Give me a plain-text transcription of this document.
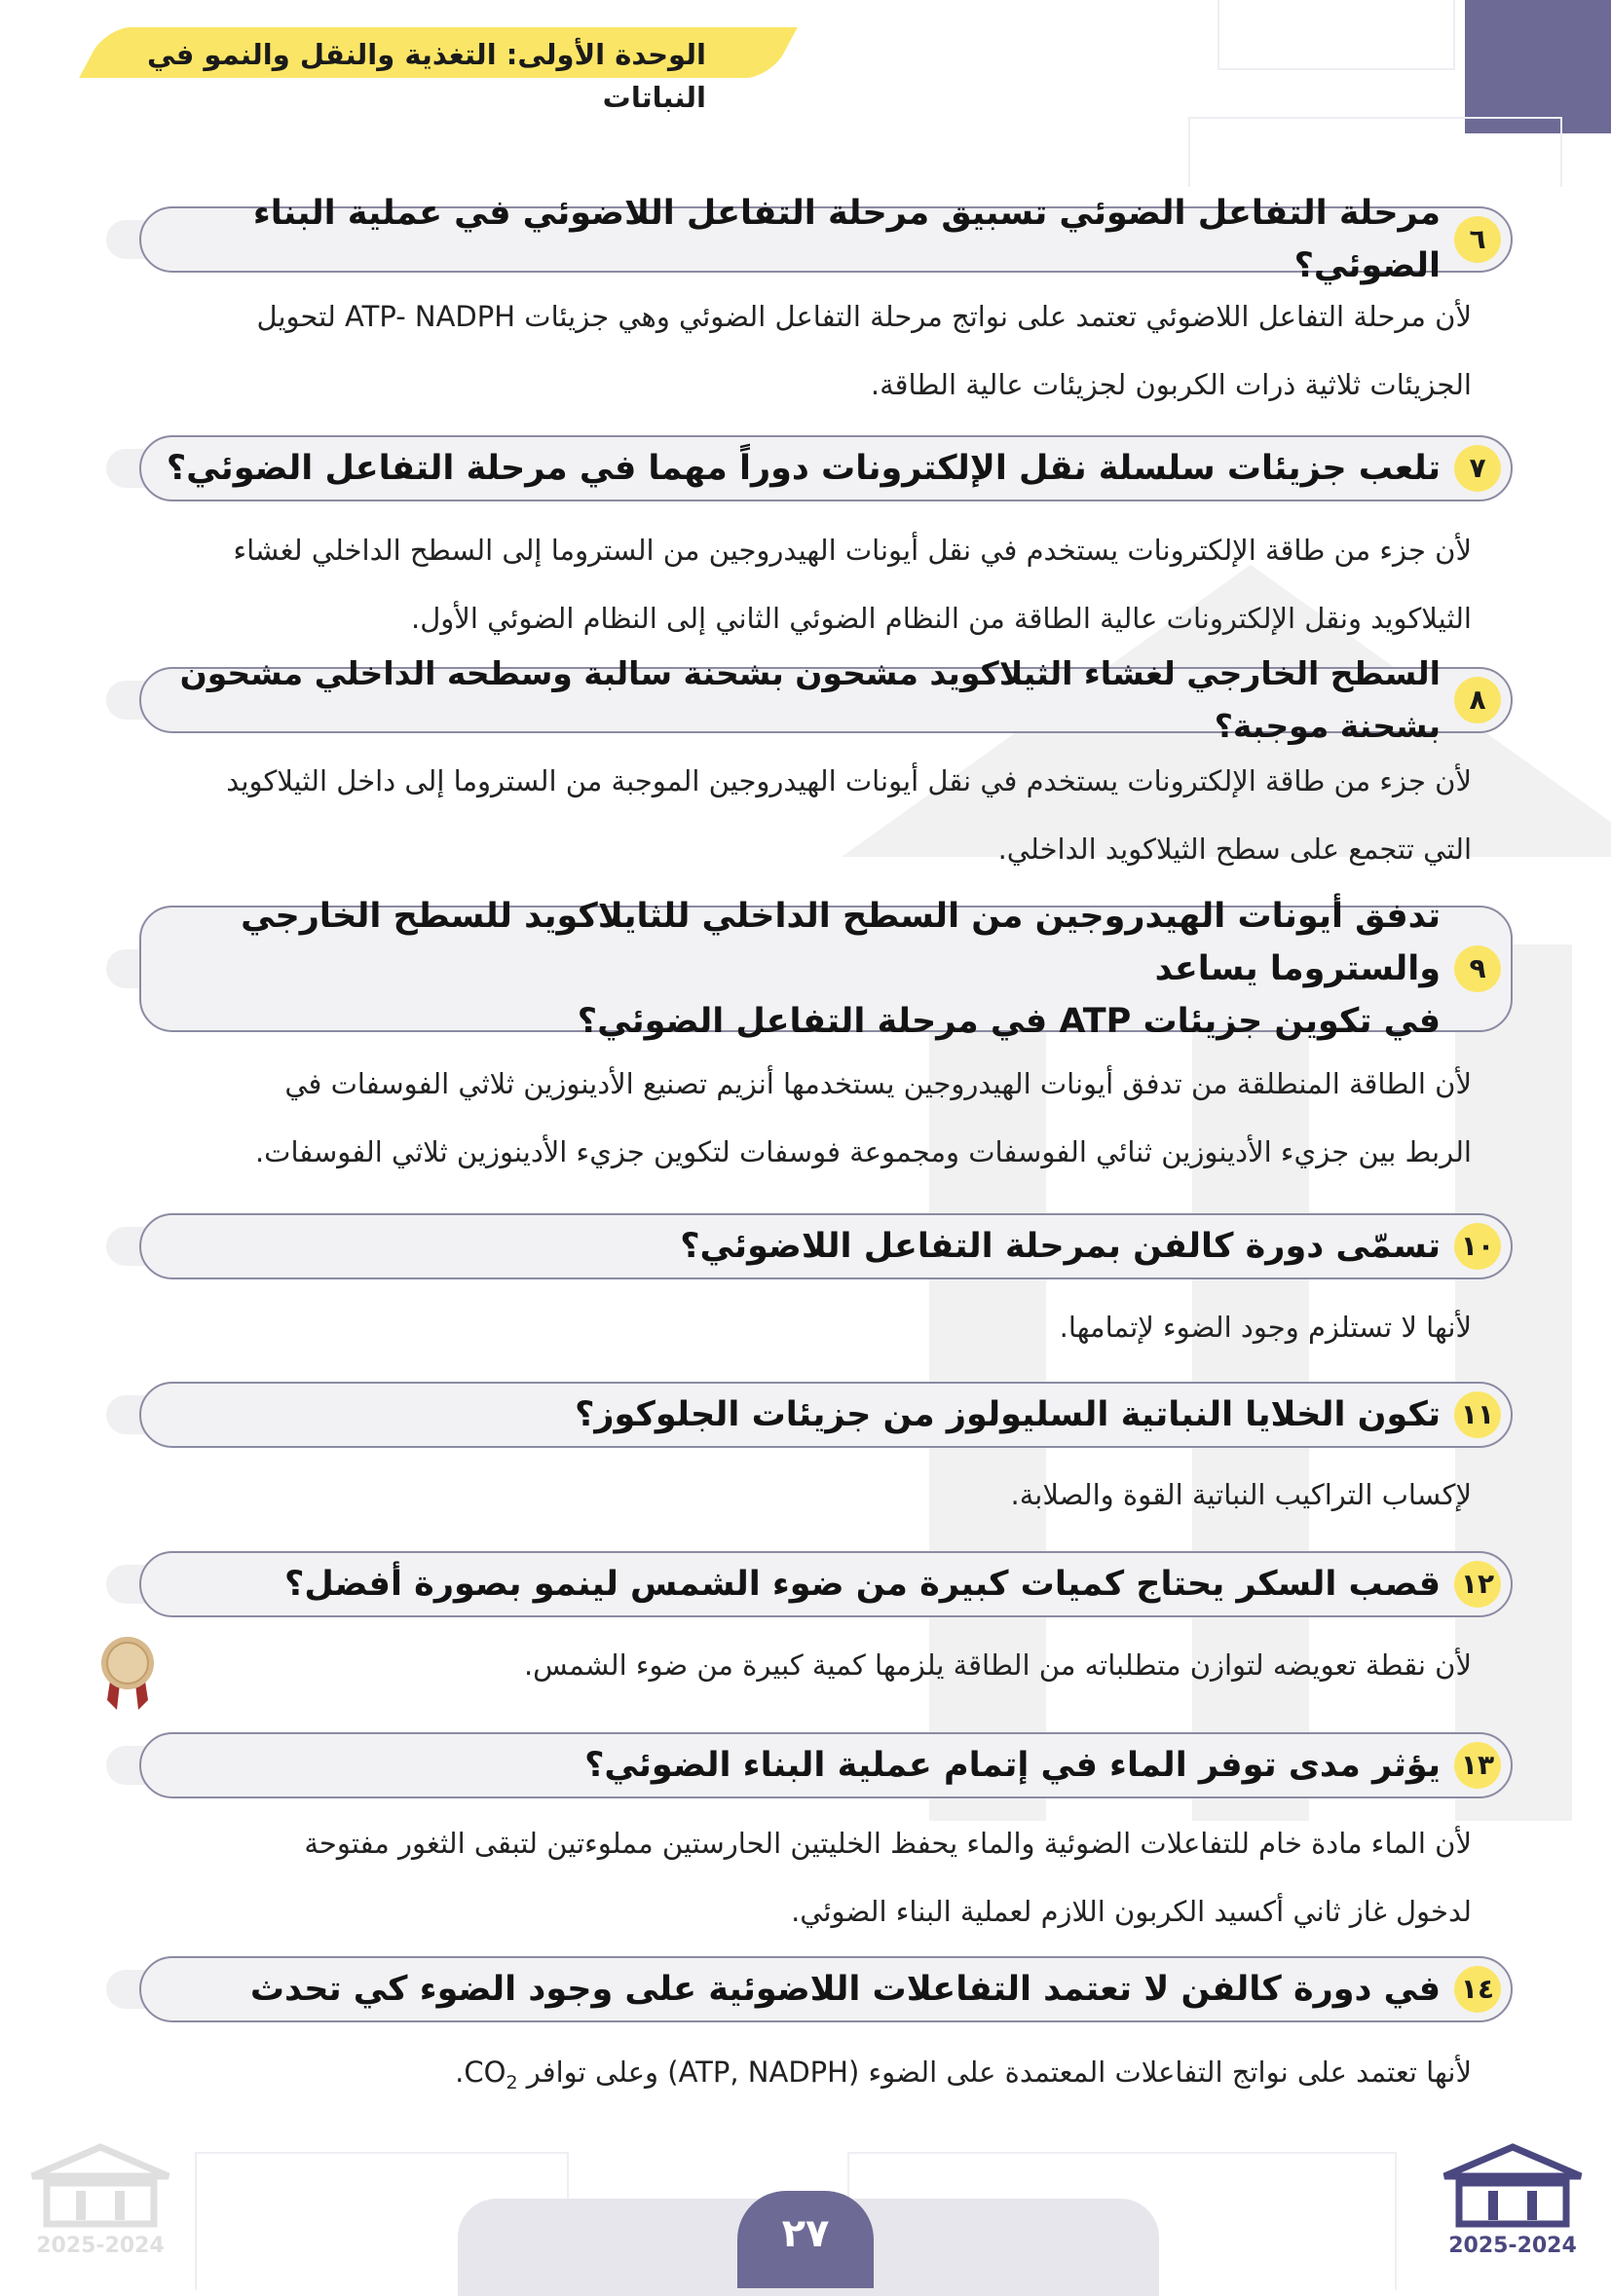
الوحدة الأولى: التغذية والنقل والنمو في النباتات
٦
مرحلة التفاعل الضوئي تسبيق مرحلة التفاعل اللاضوئي في عملية البناء الضوئي؟
لأن مرحلة التفاعل اللاضوئي تعتمد على نواتج مرحلة التفاعل الضوئي وهي جزيئات ATP- NADPH لتحويل
الجزيئات ثلاثية ذرات الكربون لجزيئات عالية الطاقة.
٧
تلعب جزيئات سلسلة نقل الإلكترونات دوراً مهما في مرحلة التفاعل الضوئي؟
لأن جزء من طاقة الإلكترونات يستخدم في نقل أيونات الهيدروجين من الستروما إلى السطح الداخلي لغشاء
الثيلاكويد ونقل الإلكترونات عالية الطاقة من النظام الضوئي الثاني إلى النظام الضوئي الأول.
٨
السطح الخارجي لغشاء الثيلاكويد مشحون بشحنة سالبة وسطحه الداخلي مشحون بشحنة موجبة؟
لأن جزء من طاقة الإلكترونات يستخدم في نقل أيونات الهيدروجين الموجبة من الستروما إلى داخل الثيلاكويد
التي تتجمع على سطح الثيلاكويد الداخلي.
٩
تدفق أيونات الهيدروجين من السطح الداخلي للثايلاكويد للسطح الخارجي والستروما يساعد
في تكوين جزيئات ATP في مرحلة التفاعل الضوئي؟
لأن الطاقة المنطلقة من تدفق أيونات الهيدروجين يستخدمها أنزيم تصنيع الأدينوزين ثلاثي الفوسفات في
الربط بين جزيء الأدينوزين ثنائي الفوسفات ومجموعة فوسفات لتكوين جزيء الأدينوزين ثلاثي الفوسفات.
١٠
تسمّى دورة كالفن بمرحلة التفاعل اللاضوئي؟
لأنها لا تستلزم وجود الضوء لإتمامها.
١١
تكون الخلايا النباتية السليولوز من جزيئات الجلوكوز؟
لإكساب التراكيب النباتية القوة والصلابة.
١٢
قصب السكر يحتاج كميات كبيرة من ضوء الشمس لينمو بصورة أفضل؟
لأن نقطة تعويضه لتوازن متطلباته من الطاقة يلزمها كمية كبيرة من ضوء الشمس.
١٣
يؤثر مدى توفر الماء في إتمام عملية البناء الضوئي؟
لأن الماء مادة خام للتفاعلات الضوئية والماء يحفظ الخليتين الحارستين مملوءتين لتبقى الثغور مفتوحة
لدخول غاز ثاني أكسيد الكربون اللازم لعملية البناء الضوئي.
١٤
في دورة كالفن لا تعتمد التفاعلات اللاضوئية على وجود الضوء كي تحدث
لأنها تعتمد على نواتج التفاعلات المعتمدة على الضوء (ATP, NADPH) وعلى توافر $CO_2$.
٢٧
2025-2024	2025-2024
